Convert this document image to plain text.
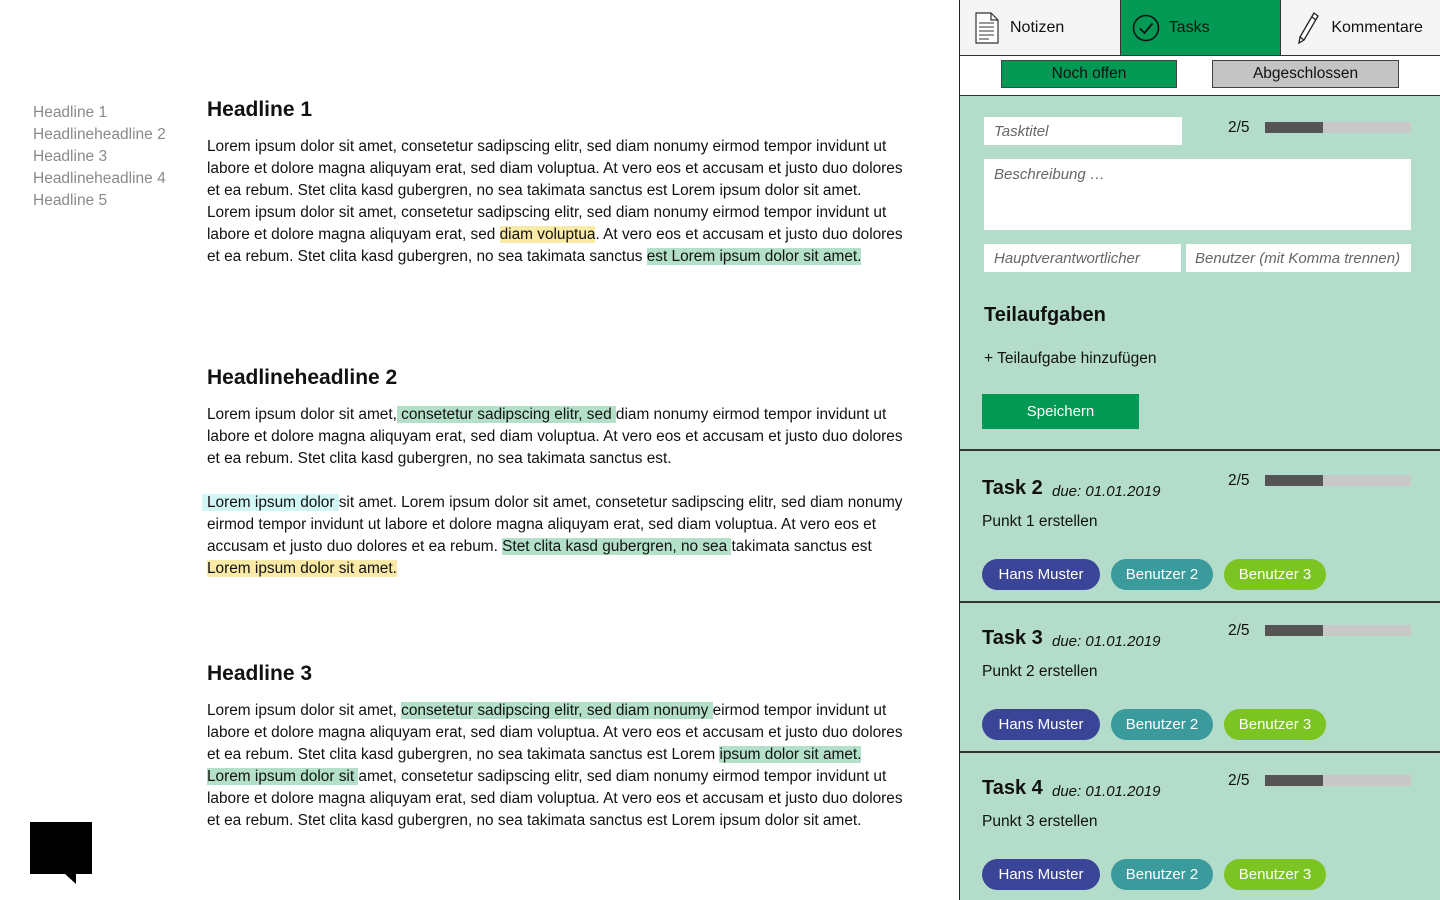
Headline 1
Headlineheadline 2
Headline 3
Headlineheadline 4
Headline 5
Headline 1

Lorem ipsum dolor sit amet, consetetur sadipscing elitr, sed diam nonumy eirmod tempor invidunt ut labore et dolore magna aliquyam erat, sed diam voluptua. At vero eos et accusam et justo duo dolores et ea rebum. Stet clita kasd gubergren, no sea takimata sanctus est Lorem ipsum dolor sit amet. Lorem ipsum dolor sit amet, consetetur sadipscing elitr, sed diam nonumy eirmod tempor invidunt ut labore et dolore magna aliquyam erat, sed diam voluptua. At vero eos et accusam et justo duo dolores et ea rebum. Stet clita kasd gubergren, no sea takimata sanctus est Lorem ipsum dolor sit amet.

Headlineheadline 2

Lorem ipsum dolor sit amet, consetetur sadipscing elitr, sed diam nonumy eirmod tempor invidunt ut labore et dolore magna aliquyam erat, sed diam voluptua. At vero eos et accusam et justo duo dolores et ea rebum. Stet clita kasd gubergren, no sea takimata sanctus est.

Lorem ipsum dolor sit amet. Lorem ipsum dolor sit amet, consetetur sadipscing elitr, sed diam nonumy eirmod tempor invidunt ut labore et dolore magna aliquyam erat, sed diam voluptua. At vero eos et accusam et justo duo dolores et ea rebum. Stet clita kasd gubergren, no sea takimata sanctus est Lorem ipsum dolor sit amet.

Headline 3

Lorem ipsum dolor sit amet, consetetur sadipscing elitr, sed diam nonumy eirmod tempor invidunt ut labore et dolore magna aliquyam erat, sed diam voluptua. At vero eos et accusam et justo duo dolores et ea rebum. Stet clita kasd gubergren, no sea takimata sanctus est Lorem ipsum dolor sit amet. Lorem ipsum dolor sit amet, consetetur sadipscing elitr, sed diam nonumy eirmod tempor invidunt ut labore et dolore magna aliquyam erat, sed diam voluptua. At vero eos et accusam et justo duo dolores et ea rebum. Stet clita kasd gubergren, no sea takimata sanctus est Lorem ipsum dolor sit amet.

Notizen	Tasks	Kommentare
Noch offen	Abgeschlossen
Tasktitel
2/5
Beschreibung …
Hauptverantwortlicher
Benutzer (mit Komma trennen)
Teilaufgaben
+ Teilaufgabe hinzufügen
Speichern
Task 2 due: 01.01.2019
2/5
Punkt 1 erstellen
Hans Muster	Benutzer 2	Benutzer 3
Task 3 due: 01.01.2019
2/5
Punkt 2 erstellen
Hans Muster	Benutzer 2	Benutzer 3
Task 4 due: 01.01.2019
2/5
Punkt 3 erstellen
Hans Muster	Benutzer 2	Benutzer 3
